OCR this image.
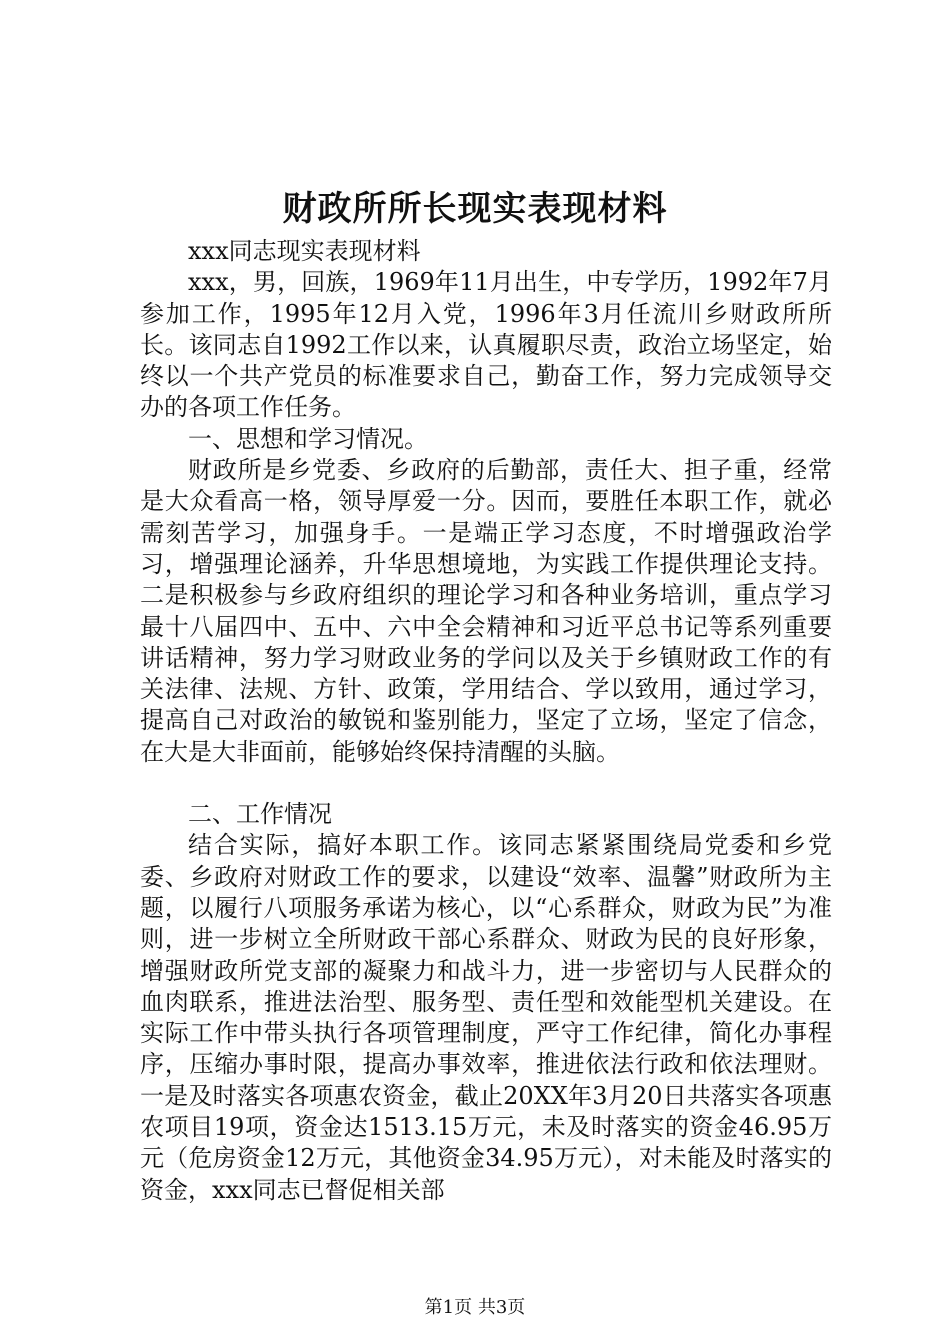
财政所所长现实表现材料

xxx同志现实表现材料

xxx，男，回族，1969年11月出生，中专学历，1992年7月参加工作，1995年12月入党，1996年3月任流川乡财政所所长。该同志自1992工作以来，认真履职尽责，政治立场坚定，始终以一个共产党员的标准要求自己，勤奋工作，努力完成领导交办的各项工作任务。

一、思想和学习情况。

财政所是乡党委、乡政府的后勤部，责任大、担子重，经常是大众看高一格，领导厚爱一分。因而，要胜任本职工作，就必需刻苦学习，加强身手。一是端正学习态度，不时增强政治学习，增强理论涵养，升华思想境地，为实践工作提供理论支持。二是积极参与乡政府组织的理论学习和各种业务培训，重点学习最十八届四中、五中、六中全会精神和习近平总书记等系列重要讲话精神，努力学习财政业务的学问以及关于乡镇财政工作的有关法律、法规、方针、政策，学用结合、学以致用，通过学习，提高自己对政治的敏锐和鉴别能力，坚定了立场，坚定了信念，在大是大非面前，能够始终保持清醒的头脑。

二、工作情况

结合实际，搞好本职工作。该同志紧紧围绕局党委和乡党委、乡政府对财政工作的要求，以建设“效率、温馨”财政所为主题，以履行八项服务承诺为核心，以“心系群众，财政为民”为准则，进一步树立全所财政干部心系群众、财政为民的良好形象，增强财政所党支部的凝聚力和战斗力，进一步密切与人民群众的血肉联系，推进法治型、服务型、责任型和效能型机关建设。在实际工作中带头执行各项管理制度，严守工作纪律，简化办事程序，压缩办事时限，提高办事效率，推进依法行政和依法理财。一是及时落实各项惠农资金，截止20XX年3月20日共落实各项惠农项目19项，资金达1513.15万元，未及时落实的资金46.95万元（危房资金12万元，其他资金34.95万元），对未能及时落实的资金，xxx同志已督促相关部

第1页 共3页
